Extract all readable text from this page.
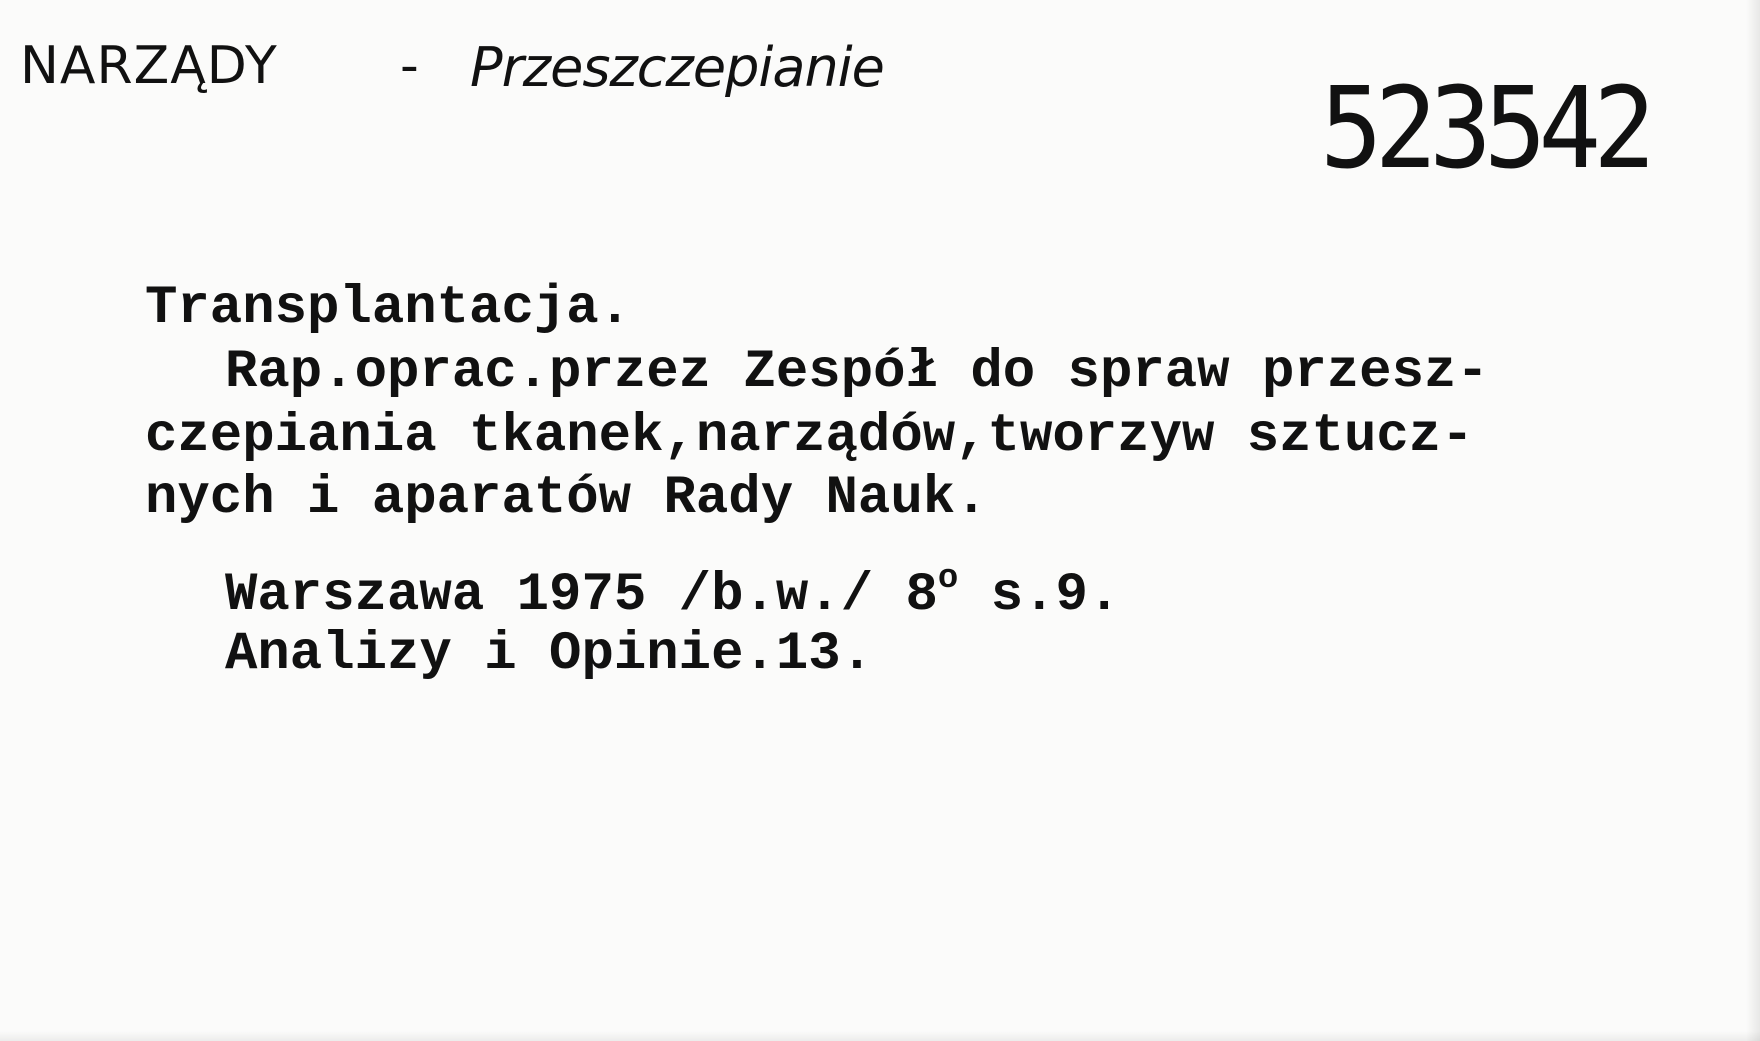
NARZĄDY - Przeszczepianie	523542
Transplantacja.
Rap.oprac.przez Zespół do spraw przesz-
czepiania tkanek,narządów,tworzyw sztucz-
nych i aparatów Rady Nauk.
Warszawa 1975 /b.w./ 8$^o$ s.9.
Analizy i Opinie.13.
